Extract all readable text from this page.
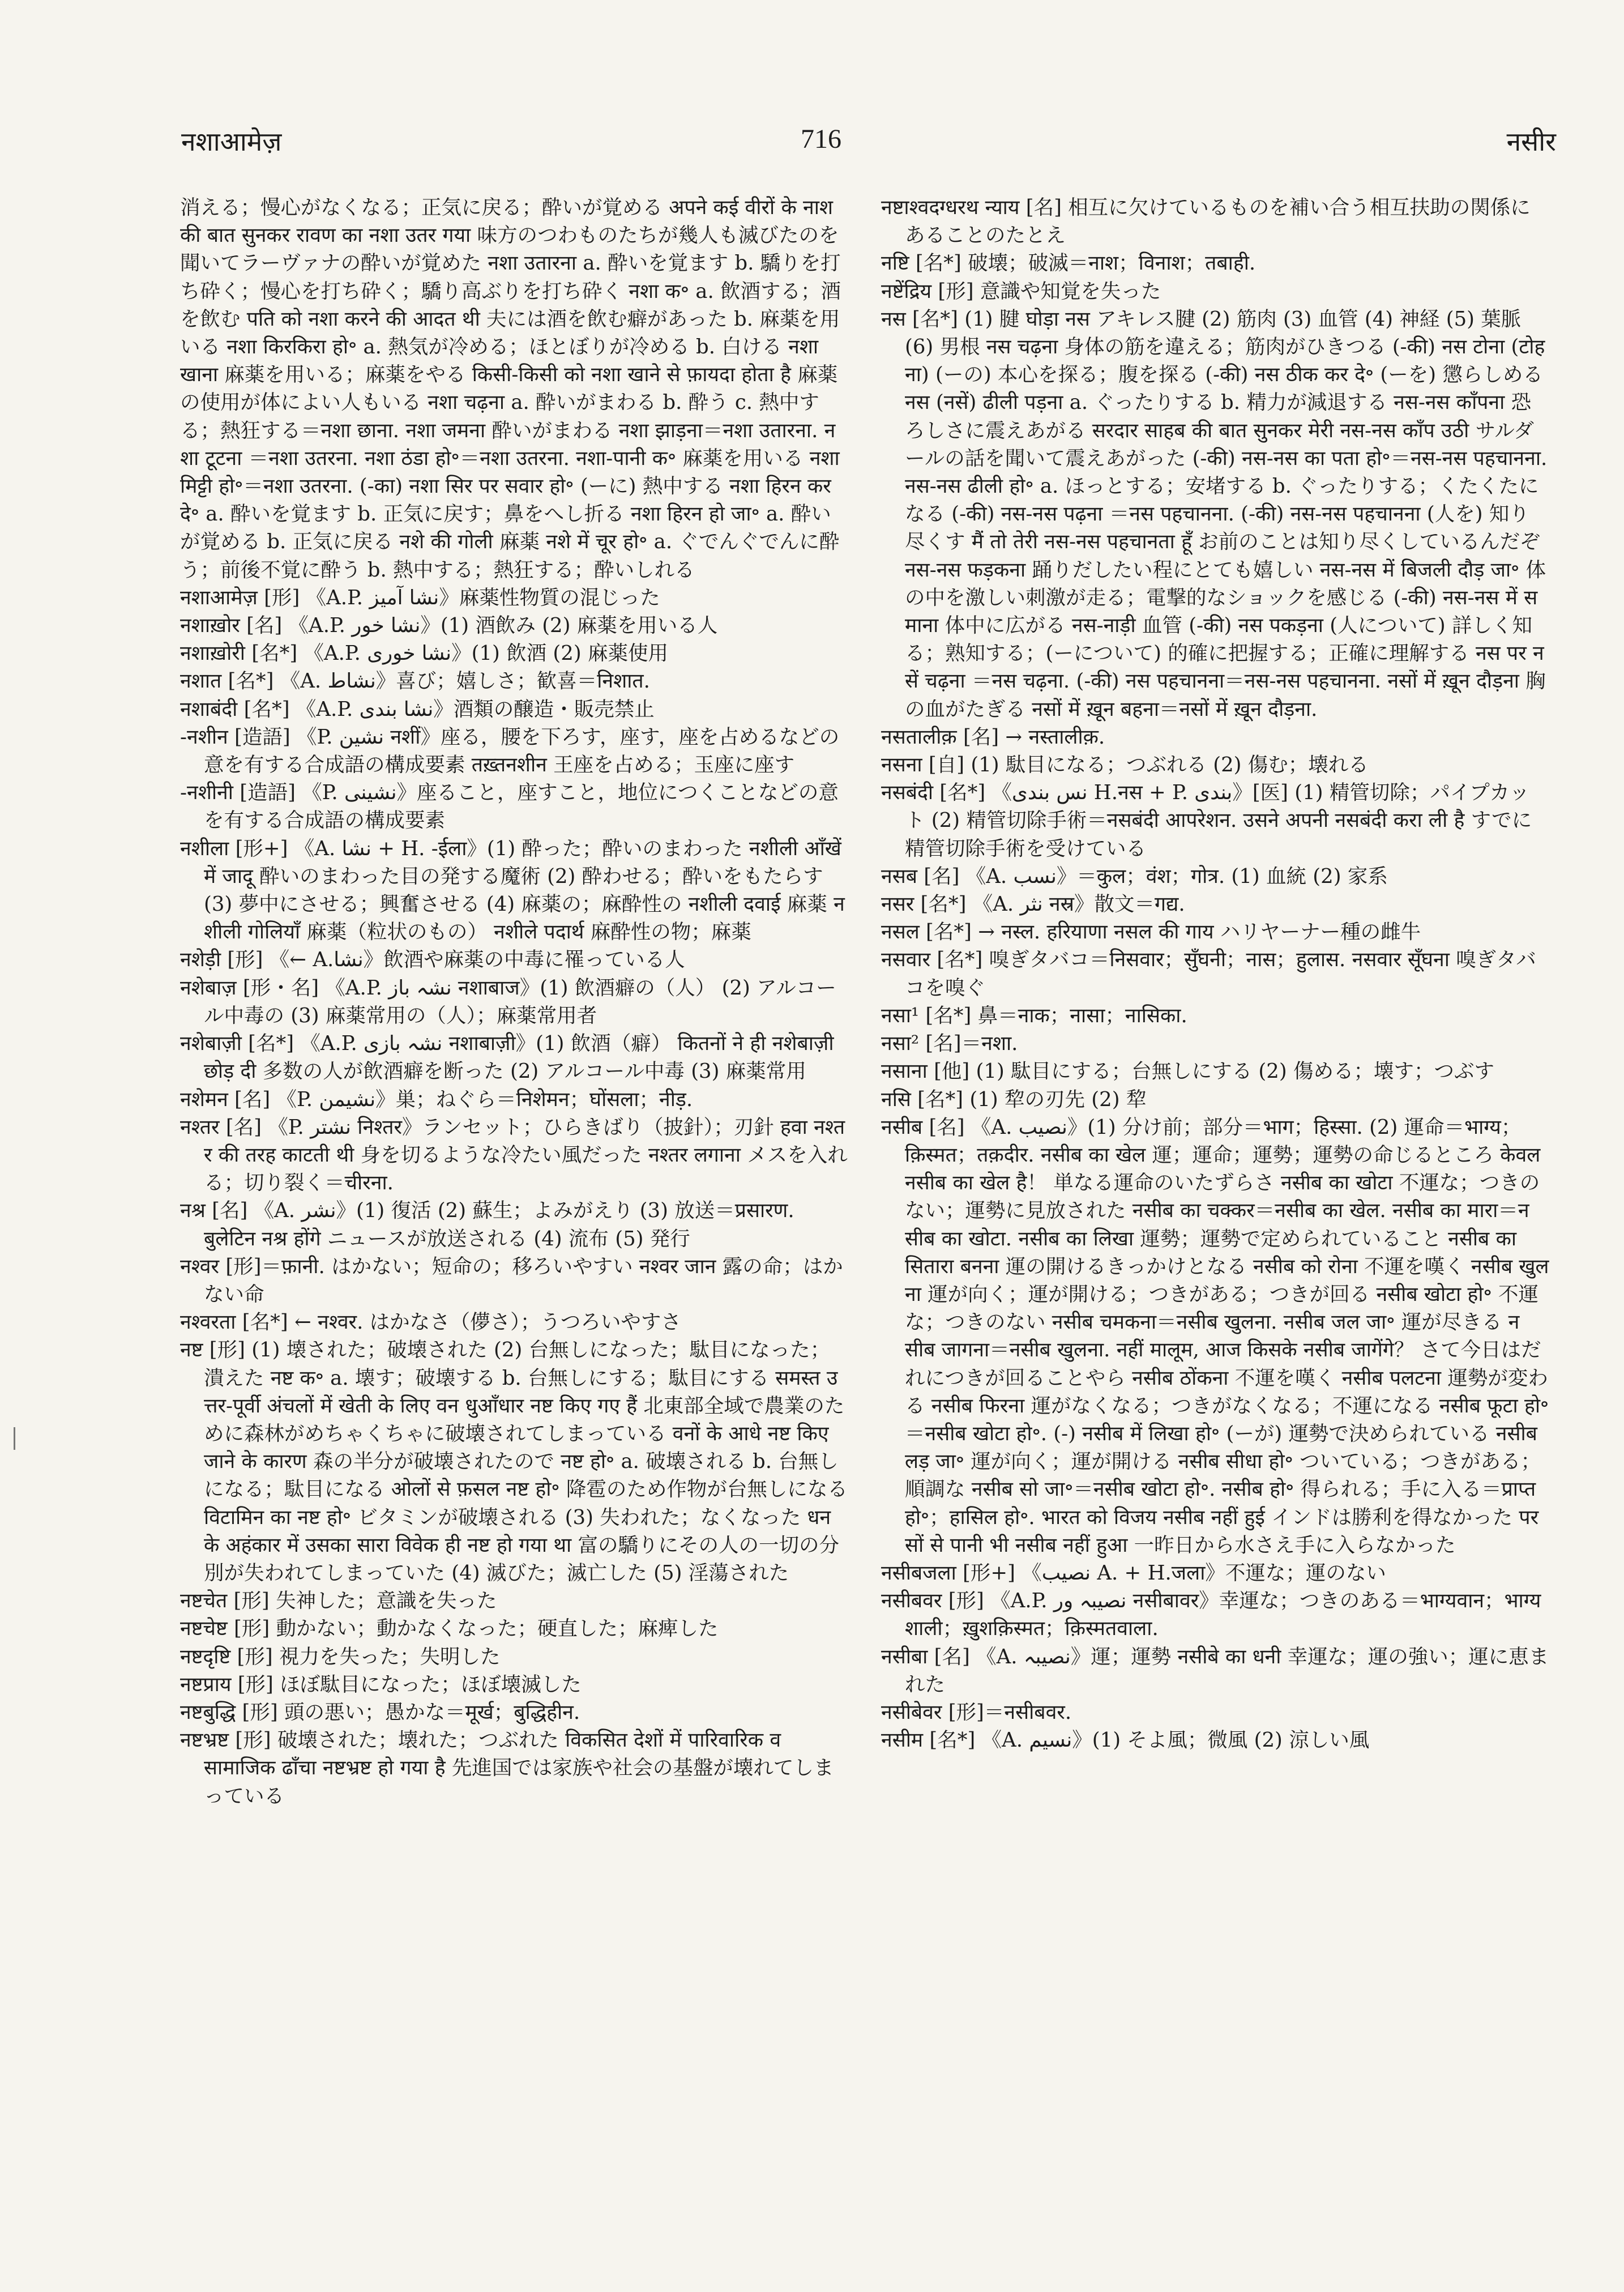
नशाआमेज़	716	नसीर

消える；慢心がなくなる；正気に戻る；酔いが覚める अपने कई वीरों के नाश की बात सुनकर रावण का नशा उतर गया 味方のつわものたちが幾人も滅びたのを聞いてラーヴァナの酔いが覚めた नशा उतारना a. 酔いを覚ます b. 驕りを打ち砕く；慢心を打ち砕く；驕り高ぶりを打ち砕く नशा क॰ a. 飲酒する；酒を飲む पति को नशा करने की आदत थी 夫には酒を飲む癖があった b. 麻薬を用いる नशा किरकिरा हो॰ a. 熱気が冷める；ほとぼりが冷める b. 白ける नशा खाना 麻薬を用いる；麻薬をやる किसी-किसी को नशा खाने से फ़ायदा होता है 麻薬の使用が体によい人もいる नशा चढ़ना a. 酔いがまわる b. 酔う c. 熱中する；熱狂する＝नशा छाना. नशा जमना 酔いがまわる नशा झाड़ना＝नशा उतारना. नशा टूटना ＝नशा उतरना. नशा ठंडा हो॰＝नशा उतरना. नशा-पानी क॰ 麻薬を用いる नशा मिट्टी हो॰＝नशा उतरना. (-का) नशा सिर पर सवार हो॰ (ーに) 熱中する नशा हिरन कर दे॰ a. 酔いを覚ます b. 正気に戻す；鼻をへし折る नशा हिरन हो जा॰ a. 酔いが覚める b. 正気に戻る नशे की गोली 麻薬 नशे में चूर हो॰ a. ぐでんぐでんに酔う；前後不覚に酔う b. 熱中する；熱狂する；酔いしれる

नशाआमेज़ [形] 《A.P. نشا آمیز》麻薬性物質の混じった

नशाख़ोर [名] 《A.P. نشا خور》(1) 酒飲み (2) 麻薬を用いる人

नशाख़ोरी [名*] 《A.P. نشا خوری》(1) 飲酒 (2) 麻薬使用

नशात [名*] 《A. نشاط》喜び；嬉しさ；歓喜＝निशात.

नशाबंदी [名*] 《A.P. نشا بندی》酒類の醸造・販売禁止

-नशीन [造語] 《P. نشین नशीं》座る，腰を下ろす，座す，座を占めるなどの意を有する合成語の構成要素 तख़्तनशीन 王座を占める；玉座に座す

-नशीनी [造語] 《P. نشینی》座ること，座すこと，地位につくことなどの意を有する合成語の構成要素

नशीला [形+] 《A. نشا + H. -ईला》(1) 酔った；酔いのまわった नशीली आँखें में जादू 酔いのまわった目の発する魔術 (2) 酔わせる；酔いをもたらす (3) 夢中にさせる；興奮させる (4) 麻薬の；麻酔性の नशीली दवाई 麻薬 नशीली गोलियाँ 麻薬（粒状のもの） नशीले पदार्थ 麻酔性の物；麻薬

नशेड़ी [形] 《← A.نشا》飲酒や麻薬の中毒に罹っている人

नशेबाज़ [形・名] 《A.P. نشہ باز नशाबाज》(1) 飲酒癖の（人） (2) アルコール中毒の (3) 麻薬常用の（人）；麻薬常用者

नशेबाज़ी [名*] 《A.P. نشہ بازی नशाबाज़ी》(1) 飲酒（癖） कितनों ने ही नशेबाज़ी छोड़ दी 多数の人が飲酒癖を断った (2) アルコール中毒 (3) 麻薬常用

नशेमन [名] 《P. نشیمن》巣；ねぐら＝निशेमन；घोंसला；नीड़.

नश्तर [名] 《P. نشتر निश्तर》ランセット；ひらきばり（披針）；刃針 हवा नश्तर की तरह काटती थी 身を切るような冷たい風だった नश्तर लगाना メスを入れる；切り裂く＝चीरना.

नश्र [名] 《A. نشر》(1) 復活 (2) 蘇生；よみがえり (3) 放送＝प्रसारण. बुलेटिन नश्र होंगे ニュースが放送される (4) 流布 (5) 発行

नश्वर [形]＝फ़ानी. はかない；短命の；移ろいやすい नश्वर जान 露の命；はかない命

नश्वरता [名*] ← नश्वर. はかなさ（儚さ）；うつろいやすさ

नष्ट [形] (1) 壊された；破壊された (2) 台無しになった；駄目になった；潰えた नष्ट क॰ a. 壊す；破壊する b. 台無しにする；駄目にする समस्त उत्तर-पूर्वी अंचलों में खेती के लिए वन धुआँधार नष्ट किए गए हैं 北東部全域で農業のために森林がめちゃくちゃに破壊されてしまっている वनों के आधे नष्ट किए जाने के कारण 森の半分が破壊されたので नष्ट हो॰ a. 破壊される b. 台無しになる；駄目になる ओलों से फ़सल नष्ट हो॰ 降雹のため作物が台無しになる विटामिन का नष्ट हो॰ ビタミンが破壊される (3) 失われた；なくなった धन के अहंकार में उसका सारा विवेक ही नष्ट हो गया था 富の驕りにその人の一切の分別が失われてしまっていた (4) 滅びた；滅亡した (5) 淫蕩された

नष्टचेत [形] 失神した；意識を失った

नष्टचेष्ट [形] 動かない；動かなくなった；硬直した；麻痺した

नष्टदृष्टि [形] 視力を失った；失明した

नष्टप्राय [形] ほぼ駄目になった；ほぼ壊滅した

नष्टबुद्धि [形] 頭の悪い；愚かな＝मूर्ख；बुद्धिहीन.

नष्टभ्रष्ट [形] 破壊された；壊れた；つぶれた विकसित देशों में पारिवारिक व सामाजिक ढाँचा नष्टभ्रष्ट हो गया है 先進国では家族や社会の基盤が壊れてしまっている

नष्टाश्वदग्धरथ न्याय [名] 相互に欠けているものを補い合う相互扶助の関係にあることのたとえ

नष्टि [名*] 破壊；破滅＝नाश；विनाश；तबाही.

नष्टेंद्रिय [形] 意識や知覚を失った

नस [名*] (1) 腱 घोड़ा नस アキレス腱 (2) 筋肉 (3) 血管 (4) 神経 (5) 葉脈 (6) 男根 नस चढ़ना 身体の筋を違える；筋肉がひきつる (-की) नस टोना (टोहना) (ーの) 本心を探る；腹を探る (-की) नस ठीक कर दे॰ (ーを) 懲らしめる नस (नसें) ढीली पड़ना a. ぐったりする b. 精力が減退する नस-नस काँपना 恐ろしさに震えあがる सरदार साहब की बात सुनकर मेरी नस-नस काँप उठी サルダールの話を聞いて震えあがった (-की) नस-नस का पता हो॰＝नस-नस पहचानना. नस-नस ढीली हो॰ a. ほっとする；安堵する b. ぐったりする；くたくたになる (-की) नस-नस पढ़ना ＝नस पहचानना. (-की) नस-नस पहचानना (人を) 知り尽くす मैं तो तेरी नस-नस पहचानता हूँ お前のことは知り尽くしているんだぞ नस-नस फड़कना 踊りだしたい程にとても嬉しい नस-नस में बिजली दौड़ जा॰ 体の中を激しい刺激が走る；電撃的なショックを感じる (-की) नस-नस में समाना 体中に広がる नस-नाड़ी 血管 (-की) नस पकड़ना (人について) 詳しく知る；熟知する；(ーについて) 的確に把握する；正確に理解する नस पर नसें चढ़ना ＝नस चढ़ना. (-की) नस पहचानना＝नस-नस पहचानना. नसों में ख़ून दौड़ना 胸の血がたぎる नसों में ख़ून बहना＝नसों में ख़ून दौड़ना.

नसतालीक़ [名] → नस्तालीक़.

नसना [自] (1) 駄目になる；つぶれる (2) 傷む；壊れる

नसबंदी [名*] 《نس بندی H.नस + P. بندی》[医] (1) 精管切除；パイプカット (2) 精管切除手術＝नसबंदी आपरेशन. उसने अपनी नसबंदी करा ली है すでに精管切除手術を受けている

नसब [名] 《A. نسب》＝कुल；वंश；गोत्र. (1) 血統 (2) 家系

नसर [名*] 《A. نثر नस्र》散文＝गद्य.

नसल [名*] → नस्ल. हरियाणा नसल की गाय ハリヤーナー種の雌牛

नसवार [名*] 嗅ぎタバコ＝निसवार；सुँघनी；नास；हुलास. नसवार सूँघना 嗅ぎタバコを嗅ぐ

नसा¹ [名*] 鼻＝नाक；नासा；नासिका.

नसा² [名]＝नशा.

नसाना [他] (1) 駄目にする；台無しにする (2) 傷める；壊す；つぶす

नसि [名*] (1) 犂の刃先 (2) 犂

नसीब [名] 《A. نصیب》(1) 分け前；部分＝भाग；हिस्सा. (2) 運命＝भाग्य；क़िस्मत；तक़दीर. नसीब का खेल 運；運命；運勢；運勢の命じるところ केवल नसीब का खेल है！ 単なる運命のいたずらさ नसीब का खोटा 不運な；つきのない；運勢に見放された नसीब का चक्कर＝नसीब का खेल. नसीब का मारा＝नसीब का खोटा. नसीब का लिखा 運勢；運勢で定められていること नसीब का सितारा बनना 運の開けるきっかけとなる नसीब को रोना 不運を嘆く नसीब खुलना 運が向く；運が開ける；つきがある；つきが回る नसीब खोटा हो॰ 不運な；つきのない नसीब चमकना＝नसीब खुलना. नसीब जल जा॰ 運が尽きる नसीब जागना＝नसीब खुलना. नहीं मालूम, आज किसके नसीब जागेंगे？ さて今日はだれにつきが回ることやら नसीब ठोंकना 不運を嘆く नसीब पलटना 運勢が変わる नसीब फिरना 運がなくなる；つきがなくなる；不運になる नसीब फूटा हो॰＝नसीब खोटा हो॰. (-) नसीब में लिखा हो॰ (ーが) 運勢で決められている नसीब लड़ जा॰ 運が向く；運が開ける नसीब सीधा हो॰ ついている；つきがある；順調な नसीब सो जा॰＝नसीब खोटा हो॰. नसीब हो॰ 得られる；手に入る＝प्राप्त हो॰；हासिल हो॰. भारत को विजय नसीब नहीं हुई インドは勝利を得なかった परसों से पानी भी नसीब नहीं हुआ 一昨日から水さえ手に入らなかった

नसीबजला [形+] 《نصیب A. + H.जला》不運な；運のない

नसीबवर [形] 《A.P. نصیبہ ور नसीबावर》幸運な；つきのある＝भाग्यवान；भाग्यशाली；ख़ुशक़िस्मत；क़िस्मतवाला.

नसीबा [名] 《A. نصیبہ》運；運勢 नसीबे का धनी 幸運な；運の強い；運に恵まれた

नसीबेवर [形]＝नसीबवर.

नसीम [名*] 《A. نسیم》(1) そよ風；微風 (2) 涼しい風
